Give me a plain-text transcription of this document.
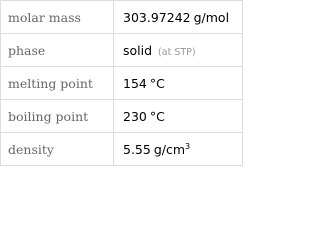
molar mass	303.97242 g/mol
phase	solid (at STP)
melting point	154 °C
boiling point	230 °C
density	5.55 $g/cm^3$
